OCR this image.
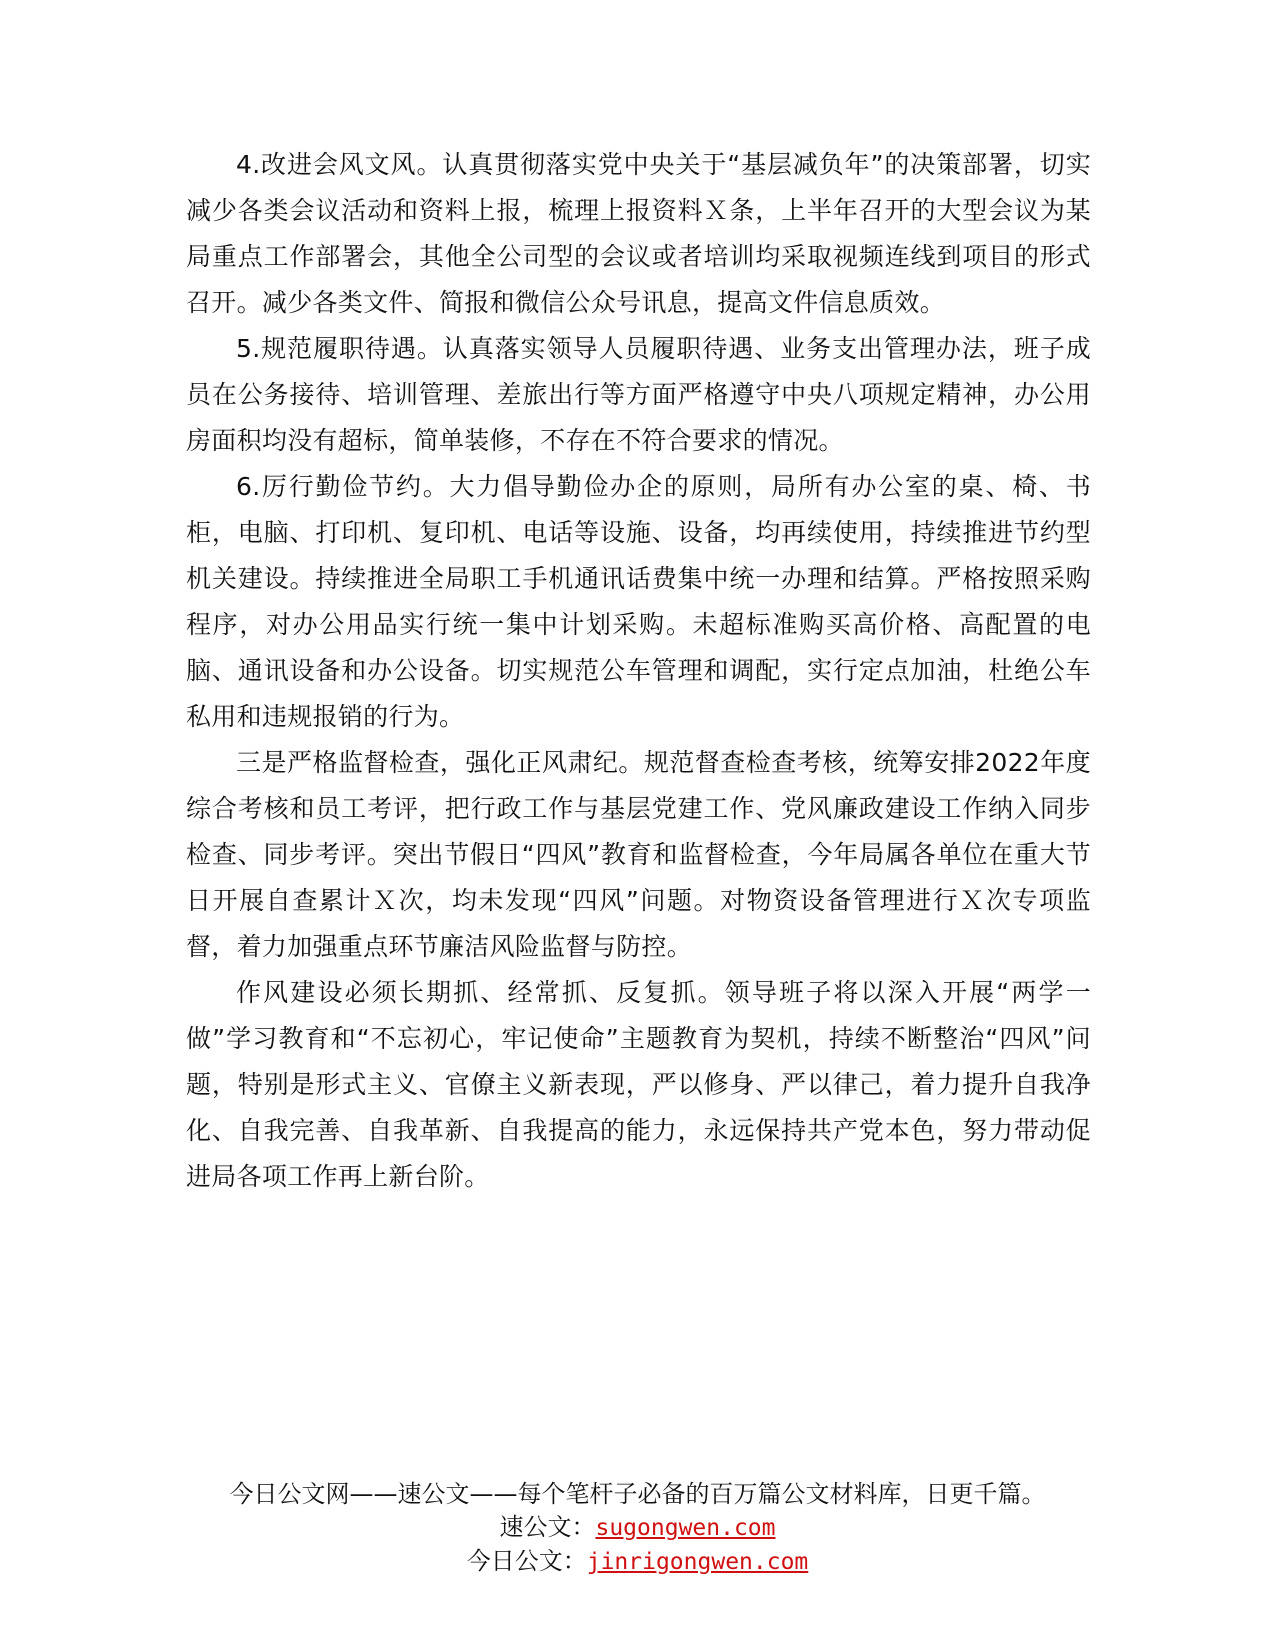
4.改进会风文风。认真贯彻落实党中央关于“基层减负年”的决策部署，切实减少各类会议活动和资料上报，梳理上报资料Ｘ条，上半年召开的大型会议为某局重点工作部署会，其他全公司型的会议或者培训均采取视频连线到项目的形式召开。减少各类文件、简报和微信公众号讯息，提高文件信息质效。

5.规范履职待遇。认真落实领导人员履职待遇、业务支出管理办法，班子成员在公务接待、培训管理、差旅出行等方面严格遵守中央八项规定精神，办公用房面积均没有超标，简单装修，不存在不符合要求的情况。

6.厉行勤俭节约。大力倡导勤俭办企的原则，局所有办公室的桌、椅、书柜，电脑、打印机、复印机、电话等设施、设备，均再续使用，持续推进节约型机关建设。持续推进全局职工手机通讯话费集中统一办理和结算。严格按照采购程序，对办公用品实行统一集中计划采购。未超标准购买高价格、高配置的电脑、通讯设备和办公设备。切实规范公车管理和调配，实行定点加油，杜绝公车私用和违规报销的行为。

三是严格监督检查，强化正风肃纪。规范督查检查考核，统筹安排2022年度综合考核和员工考评，把行政工作与基层党建工作、党风廉政建设工作纳入同步检查、同步考评。突出节假日“四风”教育和监督检查，今年局属各单位在重大节日开展自查累计Ｘ次，均未发现“四风”问题。对物资设备管理进行Ｘ次专项监督，着力加强重点环节廉洁风险监督与防控。

作风建设必须长期抓、经常抓、反复抓。领导班子将以深入开展“两学一做”学习教育和“不忘初心，牢记使命”主题教育为契机，持续不断整治“四风”问题，特别是形式主义、官僚主义新表现，严以修身、严以律己，着力提升自我净化、自我完善、自我革新、自我提高的能力，永远保持共产党本色，努力带动促进局各项工作再上新台阶。

今日公文网——速公文——每个笔杆子必备的百万篇公文材料库，日更千篇。

速公文：sugongwen.com

今日公文：jinrigongwen.com
